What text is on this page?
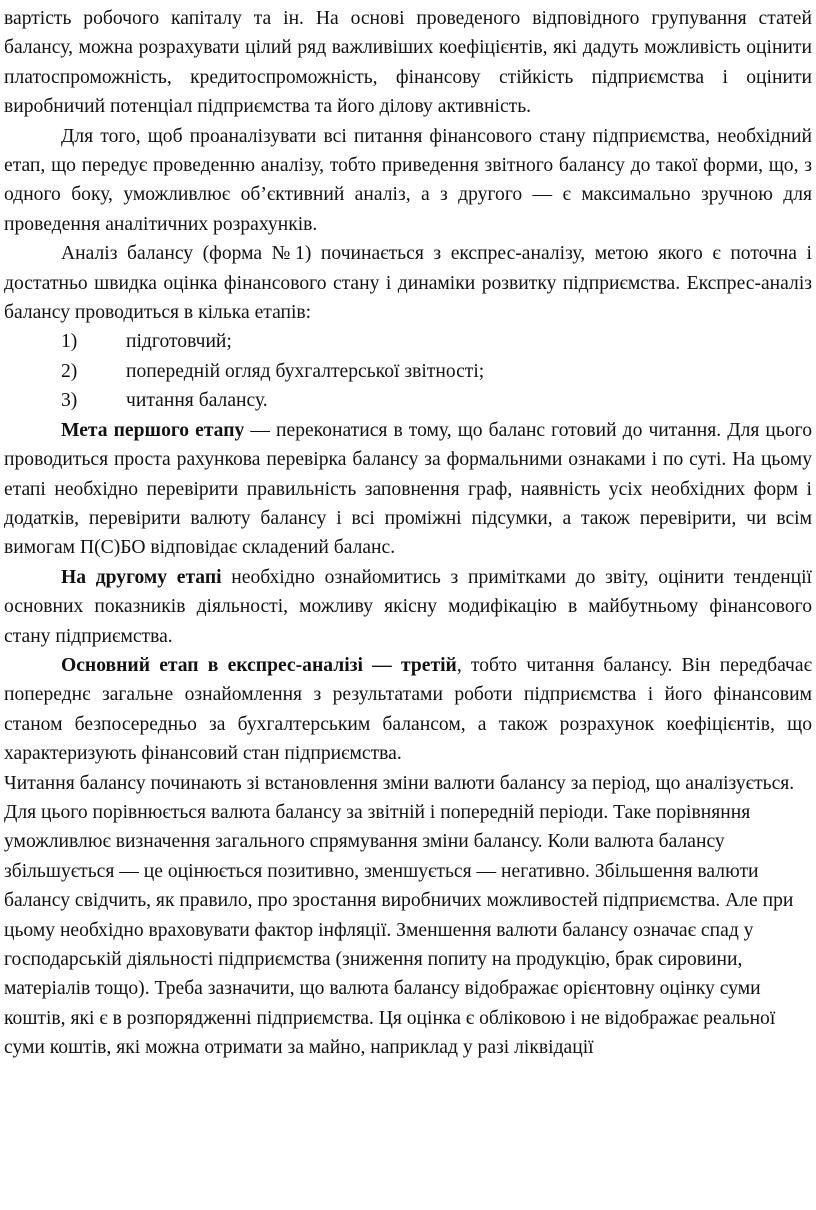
вартість робочого капіталу та ін. На основі проведеного відповідного групування статей балансу, можна розрахувати цілий ряд важливіших коефіцієнтів, які дадуть можливість оцінити платоспроможність, кредитоспроможність, фінансову стійкість підприємства і оцінити виробничий потенціал підприємства та його ділову активність.

Для того, щоб проаналізувати всі питання фінансового стану підприємства, необхідний етап, що передує проведенню аналізу, тобто приведення звітного балансу до такої форми, що, з одного боку, уможливлює об’єктивний аналіз, а з другого — є максимально зручною для проведення аналітичних розрахунків.

Аналіз балансу (форма №1) починається з експрес-аналізу, метою якого є поточна і достатньо швидка оцінка фінансового стану і динаміки розвитку підприємства. Експрес-аналіз балансу проводиться в кілька етапів:

1)	підготовчий;
2)	попередній огляд бухгалтерської звітності;
3)	читання балансу.

Мета першого етапу — переконатися в тому, що баланс готовий до читання. Для цього проводиться проста рахункова перевірка балансу за формальними ознаками і по суті. На цьому етапі необхідно перевірити правильність заповнення граф, наявність усіх необхідних форм і додатків, перевірити валюту балансу і всі проміжні підсумки, а також перевірити, чи всім вимогам П(С)БО відповідає складений баланс.

На другому етапі необхідно ознайомитись з примітками до звіту, оцінити тенденції основних показників діяльності, можливу якісну модифікацію в майбутньому фінансового стану підприємства.

Основний етап в експрес-аналізі — третій, тобто читання балансу. Він передбачає попереднє загальне ознайомлення з результатами роботи підприємства і його фінансовим станом безпосередньо за бухгалтерським балансом, а також розрахунок коефіцієнтів, що характеризують фінансовий стан підприємства.

Читання балансу починають зі встановлення зміни валюти балансу за період, що аналізується. Для цього порівнюється валюта балансу за звітній і попередній періоди. Таке порівняння уможливлює визначення загального спрямування зміни балансу. Коли валюта балансу збільшується — це оцінюється позитивно, зменшується — негативно. Збільшення валюти балансу свідчить, як правило, про зростання виробничих можливостей підприємства. Але при цьому необхідно враховувати фактор інфляції. Зменшення валюти балансу означає спад у господарській діяльності підприємства (зниження попиту на продукцію, брак сировини, матеріалів тощо). Треба зазначити, що валюта балансу відображає орієнтовну оцінку суми коштів, які є в розпорядженні підприємства. Ця оцінка є обліковою і не відображає реальної суми коштів, які можна отримати за майно, наприклад у разі ліквідації
